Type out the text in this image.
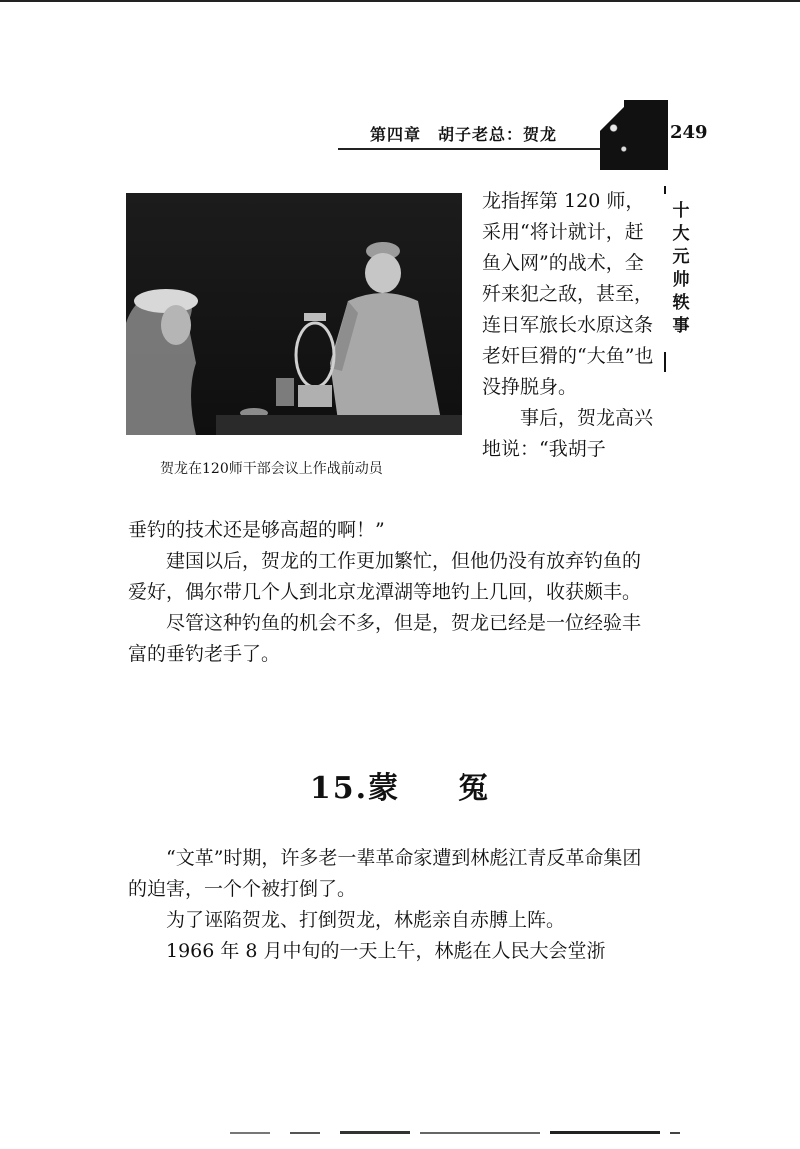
第四章　胡子老总：贺龙	249
十大元帅轶事
贺龙在120师干部会议上作战前动员

龙指挥第 120 师，采用“将计就计，赶鱼入网”的战术，全歼来犯之敌，甚至，连日军旅长水原这条老奸巨猾的“大鱼”也没挣脱身。

　　事后，贺龙高兴地说：“我胡子

垂钓的技术还是够高超的啊！”

建国以后，贺龙的工作更加繁忙，但他仍没有放弃钓鱼的爱好，偶尔带几个人到北京龙潭湖等地钓上几回，收获颇丰。

尽管这种钓鱼的机会不多，但是，贺龙已经是一位经验丰富的垂钓老手了。

15.蒙 冤

“文革”时期，许多老一辈革命家遭到林彪江青反革命集团的迫害，一个个被打倒了。

为了诬陷贺龙、打倒贺龙，林彪亲自赤膊上阵。

1966 年 8 月中旬的一天上午，林彪在人民大会堂浙
